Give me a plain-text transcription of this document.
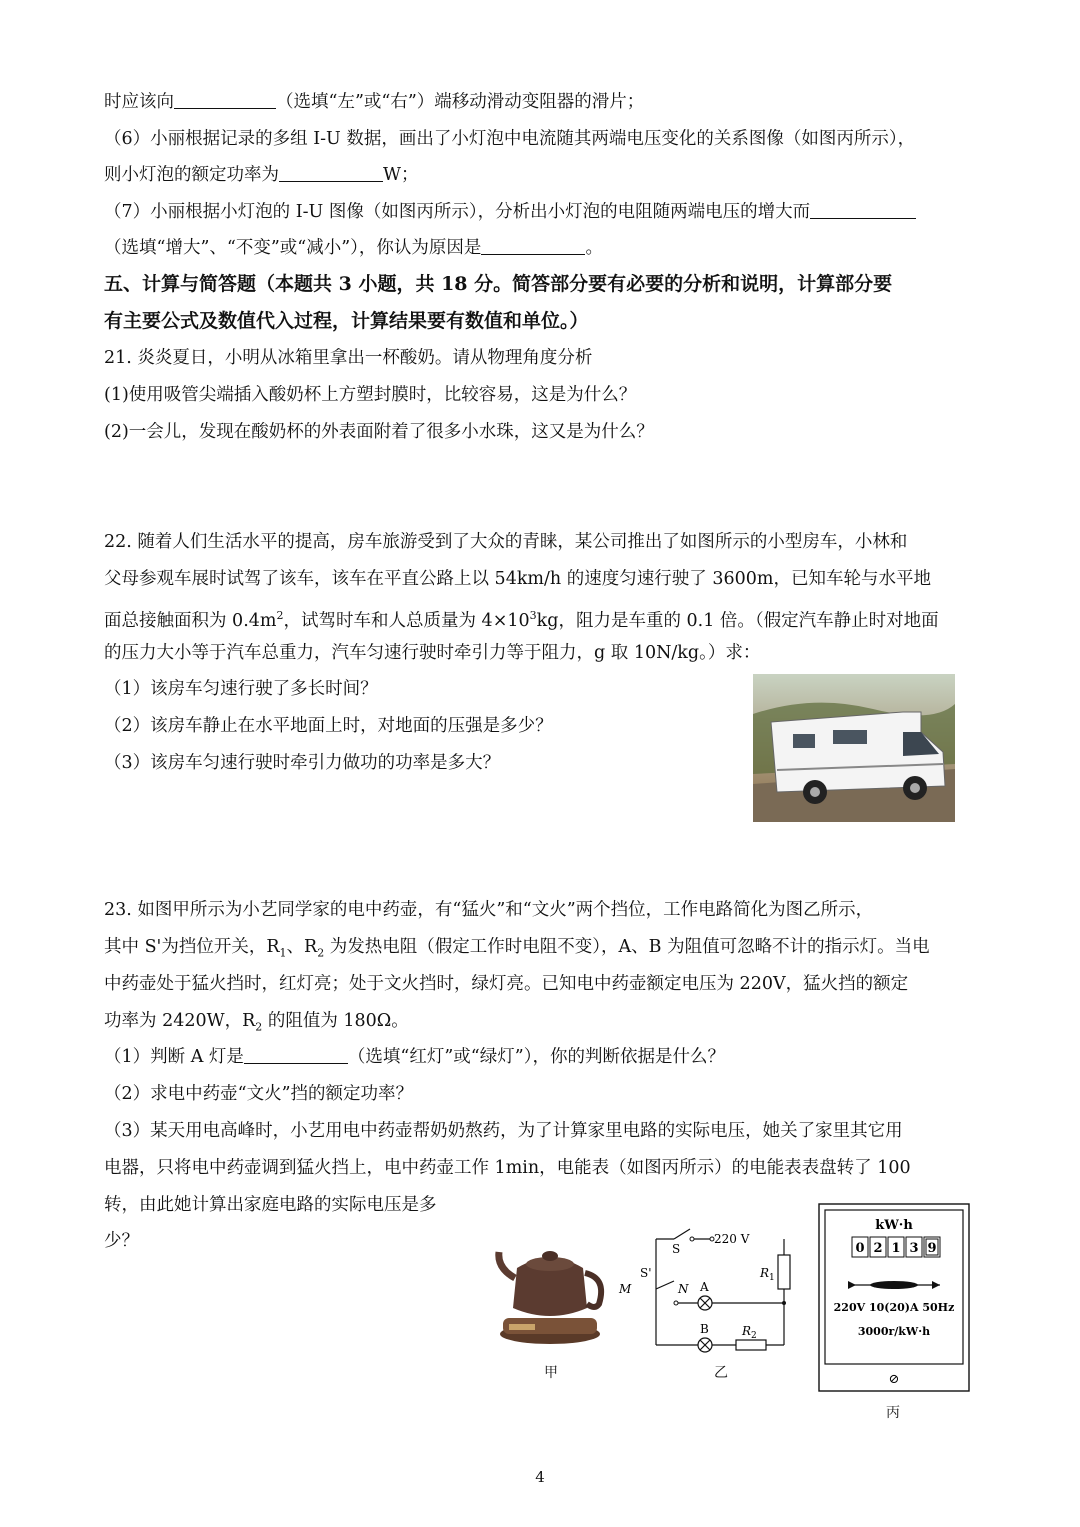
时应该向	（选填“左”或“右”）端移动滑动变阻器的滑片；
（6）小丽根据记录的多组 I-U 数据，画出了小灯泡中电流随其两端电压变化的关系图像（如图丙所示），
则小灯泡的额定功率为	W；
（7）小丽根据小灯泡的 I-U 图像（如图丙所示），分析出小灯泡的电阻随两端电压的增大而
（选填“增大”、“不变”或“减小”），你认为原因是	。
五、计算与简答题（本题共 3 小题，共 18 分。简答部分要有必要的分析和说明，计算部分要
有主要公式及数值代入过程，计算结果要有数值和单位。）
21. 炎炎夏日，小明从冰箱里拿出一杯酸奶。请从物理角度分析
(1)使用吸管尖端插入酸奶杯上方塑封膜时，比较容易，这是为什么？
(2)一会儿，发现在酸奶杯的外表面附着了很多小水珠，这又是为什么？
22. 随着人们生活水平的提高，房车旅游受到了大众的青睐，某公司推出了如图所示的小型房车，小林和
父母参观车展时试驾了该车，该车在平直公路上以 54km/h 的速度匀速行驶了 3600m，已知车轮与水平地
面总接触面积为 $0.4m^2$，试驾时车和人总质量为 $4\times 10^3kg$，阻力是车重的 0.1 倍。（假定汽车静止时对地面
的压力大小等于汽车总重力，汽车匀速行驶时牵引力等于阻力，g 取 10N/kg。）求：
（1）该房车匀速行驶了多长时间？
（2）该房车静止在水平地面上时，对地面的压强是多少？
（3）该房车匀速行驶时牵引力做功的功率是多大？
23. 如图甲所示为小艺同学家的电中药壶，有“猛火”和“文火”两个挡位，工作电路简化为图乙所示，
其中 S'为挡位开关，$R_1$、$R_2$ 为发热电阻（假定工作时电阻不变），A、B 为阻值可忽略不计的指示灯。当电
中药壶处于猛火挡时，红灯亮；处于文火挡时，绿灯亮。已知电中药壶额定电压为 220V，猛火挡的额定
功率为 2420W，$R_2$ 的阻值为 180Ω。
（1）判断 A 灯是	（选填“红灯”或“绿灯”），你的判断依据是什么？
（2）求电中药壶“文火”挡的额定功率？
（3）某天用电高峰时，小艺用电中药壶帮奶奶熬药，为了计算家里电路的实际电压，她关了家里其它用
电器，只将电中药壶调到猛火挡上，电中药壶工作 1min，电能表（如图丙所示）的电能表表盘转了 100
转，由此她计算出家庭电路的实际电压是多
少？
甲
S
220 V
S'
M	N A
B
R 1
R 2
乙
kW·h
0 2 1 3 9
220V 10(20)A 50Hz
3000r/kW·h
⊘
丙
4
